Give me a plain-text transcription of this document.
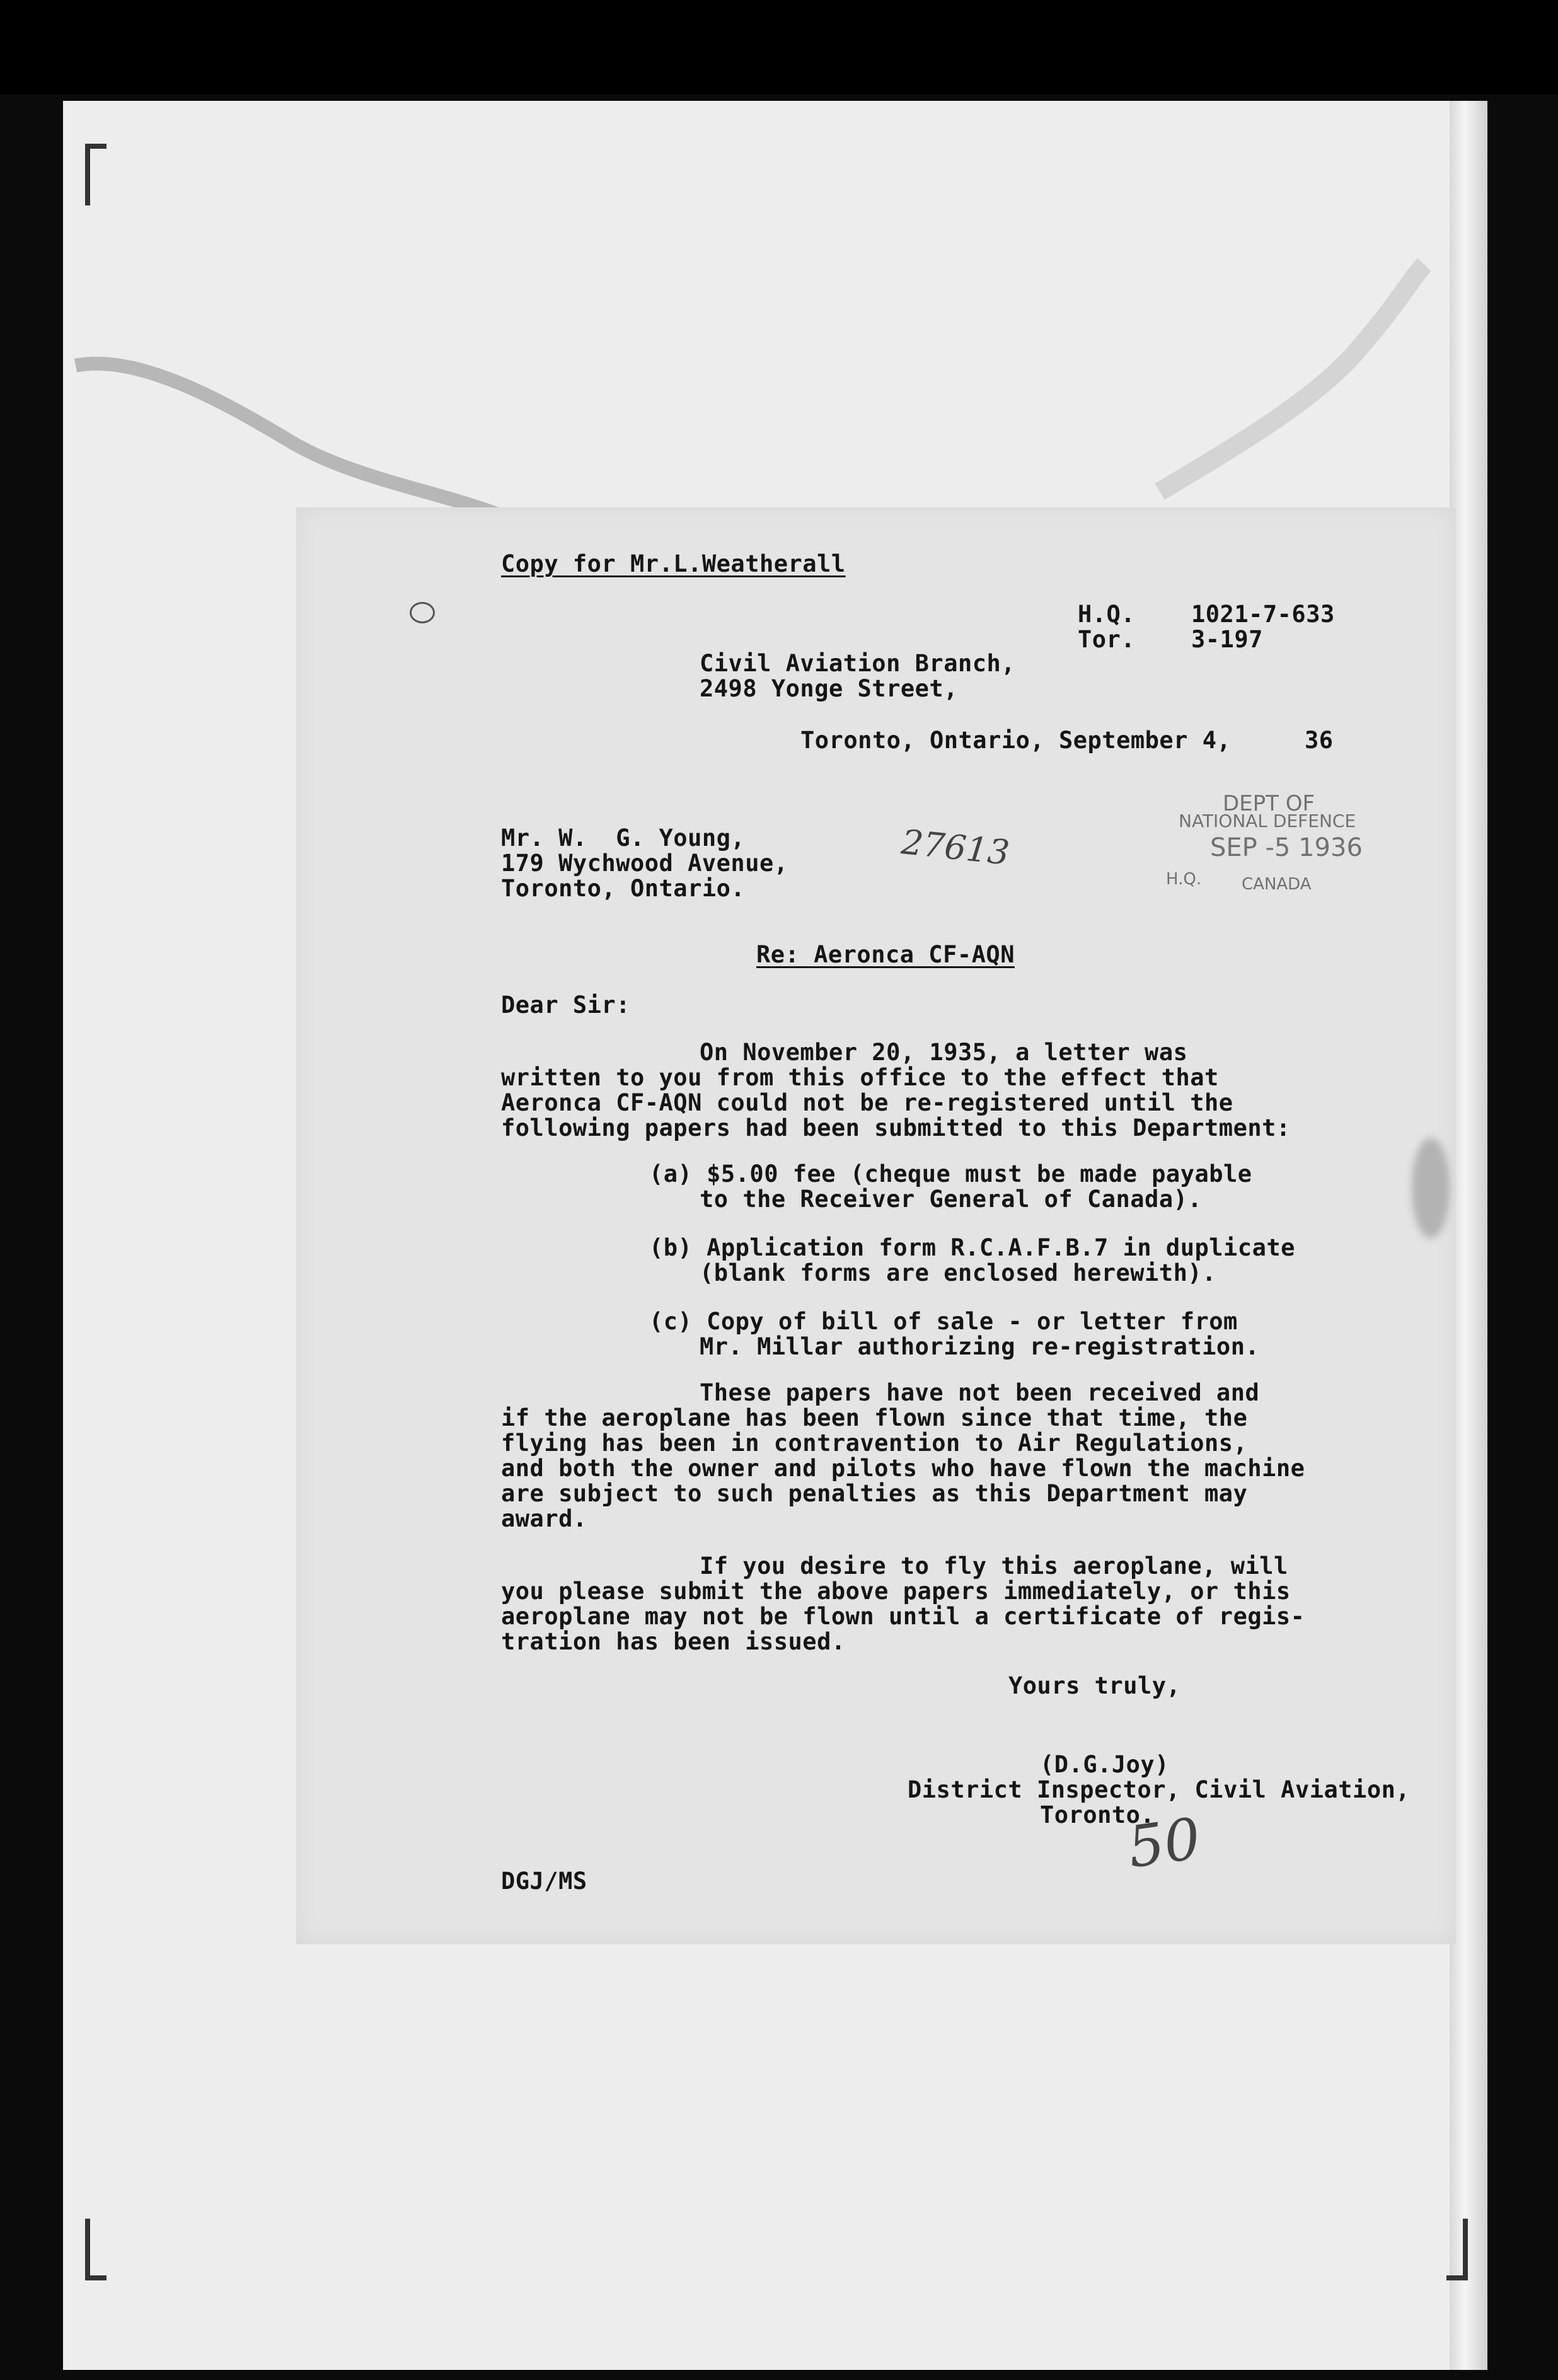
Copy for Mr.L.Weatherall
H.Q. 1021-7-633
Tor. 3-197
Civil Aviation Branch,
2498 Yonge Street,
Toronto, Ontario, September 4,	36
DEPT OF
NATIONAL DEFENCE
SEP -5 1936
H.Q. CANADA
Mr. W.  G. Young,
179 Wychwood Avenue,
Toronto, Ontario.
27613
Re: Aeronca CF-AQN
Dear Sir:
On November 20, 1935, a letter was
written to you from this office to the effect that
Aeronca CF-AQN could not be re-registered until the
following papers had been submitted to this Department:
(a) $5.00 fee (cheque must be made payable
to the Receiver General of Canada).
(b) Application form R.C.A.F.B.7 in duplicate
(blank forms are enclosed herewith).
(c) Copy of bill of sale - or letter from
Mr. Millar authorizing re-registration.
These papers have not been received and
if the aeroplane has been flown since that time, the
flying has been in contravention to Air Regulations,
and both the owner and pilots who have flown the machine
are subject to such penalties as this Department may
award.
If you desire to fly this aeroplane, will
you please submit the above papers immediately, or this
aeroplane may not be flown until a certificate of regis-
tration has been issued.
Yours truly,
(D.G.Joy)
District Inspector, Civil Aviation,
Toronto.
DGJ/MS
50
